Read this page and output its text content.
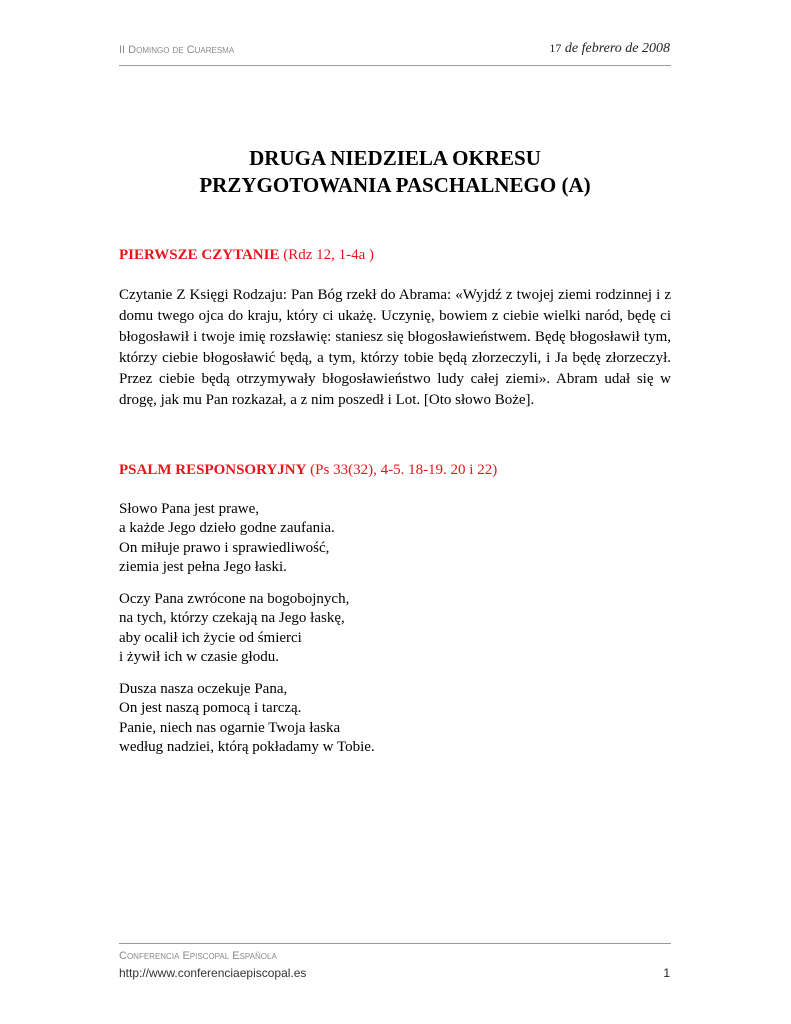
II Domingo de Cuaresma	17 de febrero de 2008
DRUGA NIEDZIELA OKRESU
PRZYGOTOWANIA PASCHALNEGO (A)
PIERWSZE CZYTANIE (Rdz 12, 1-4a )
Czytanie Z Księgi Rodzaju: Pan Bóg rzekł do Abrama: «Wyjdź z twojej ziemi rodzinnej i z domu twego ojca do kraju, który ci ukażę. Uczynię, bowiem z ciebie wielki naród, będę ci błogosławił i twoje imię rozsławię: staniesz się błogosławieństwem. Będę błogosławił tym, którzy ciebie błogosławić będą, a tym, którzy tobie będą złorzeczyli, i Ja będę złorzeczył. Przez ciebie będą otrzymywały błogosławieństwo ludy całej ziemi». Abram udał się w drogę, jak mu Pan rozkazał, a z nim poszedł i Lot. [Oto słowo Boże].
PSALM RESPONSORYJNY (Ps 33(32), 4-5. 18-19. 20 i 22)
Słowo Pana jest prawe,
a każde Jego dzieło godne zaufania.
On miłuje prawo i sprawiedliwość,
ziemia jest pełna Jego łaski.
Oczy Pana zwrócone na bogobojnych,
na tych, którzy czekają na Jego łaskę,
aby ocalił ich życie od śmierci
i żywił ich w czasie głodu.
Dusza nasza oczekuje Pana,
On jest naszą pomocą i tarczą.
Panie, niech nas ogarnie Twoja łaska
według nadziei, którą pokładamy w Tobie.
Conferencia Episcopal Española
http://www.conferenciaepiscopal.es	1
